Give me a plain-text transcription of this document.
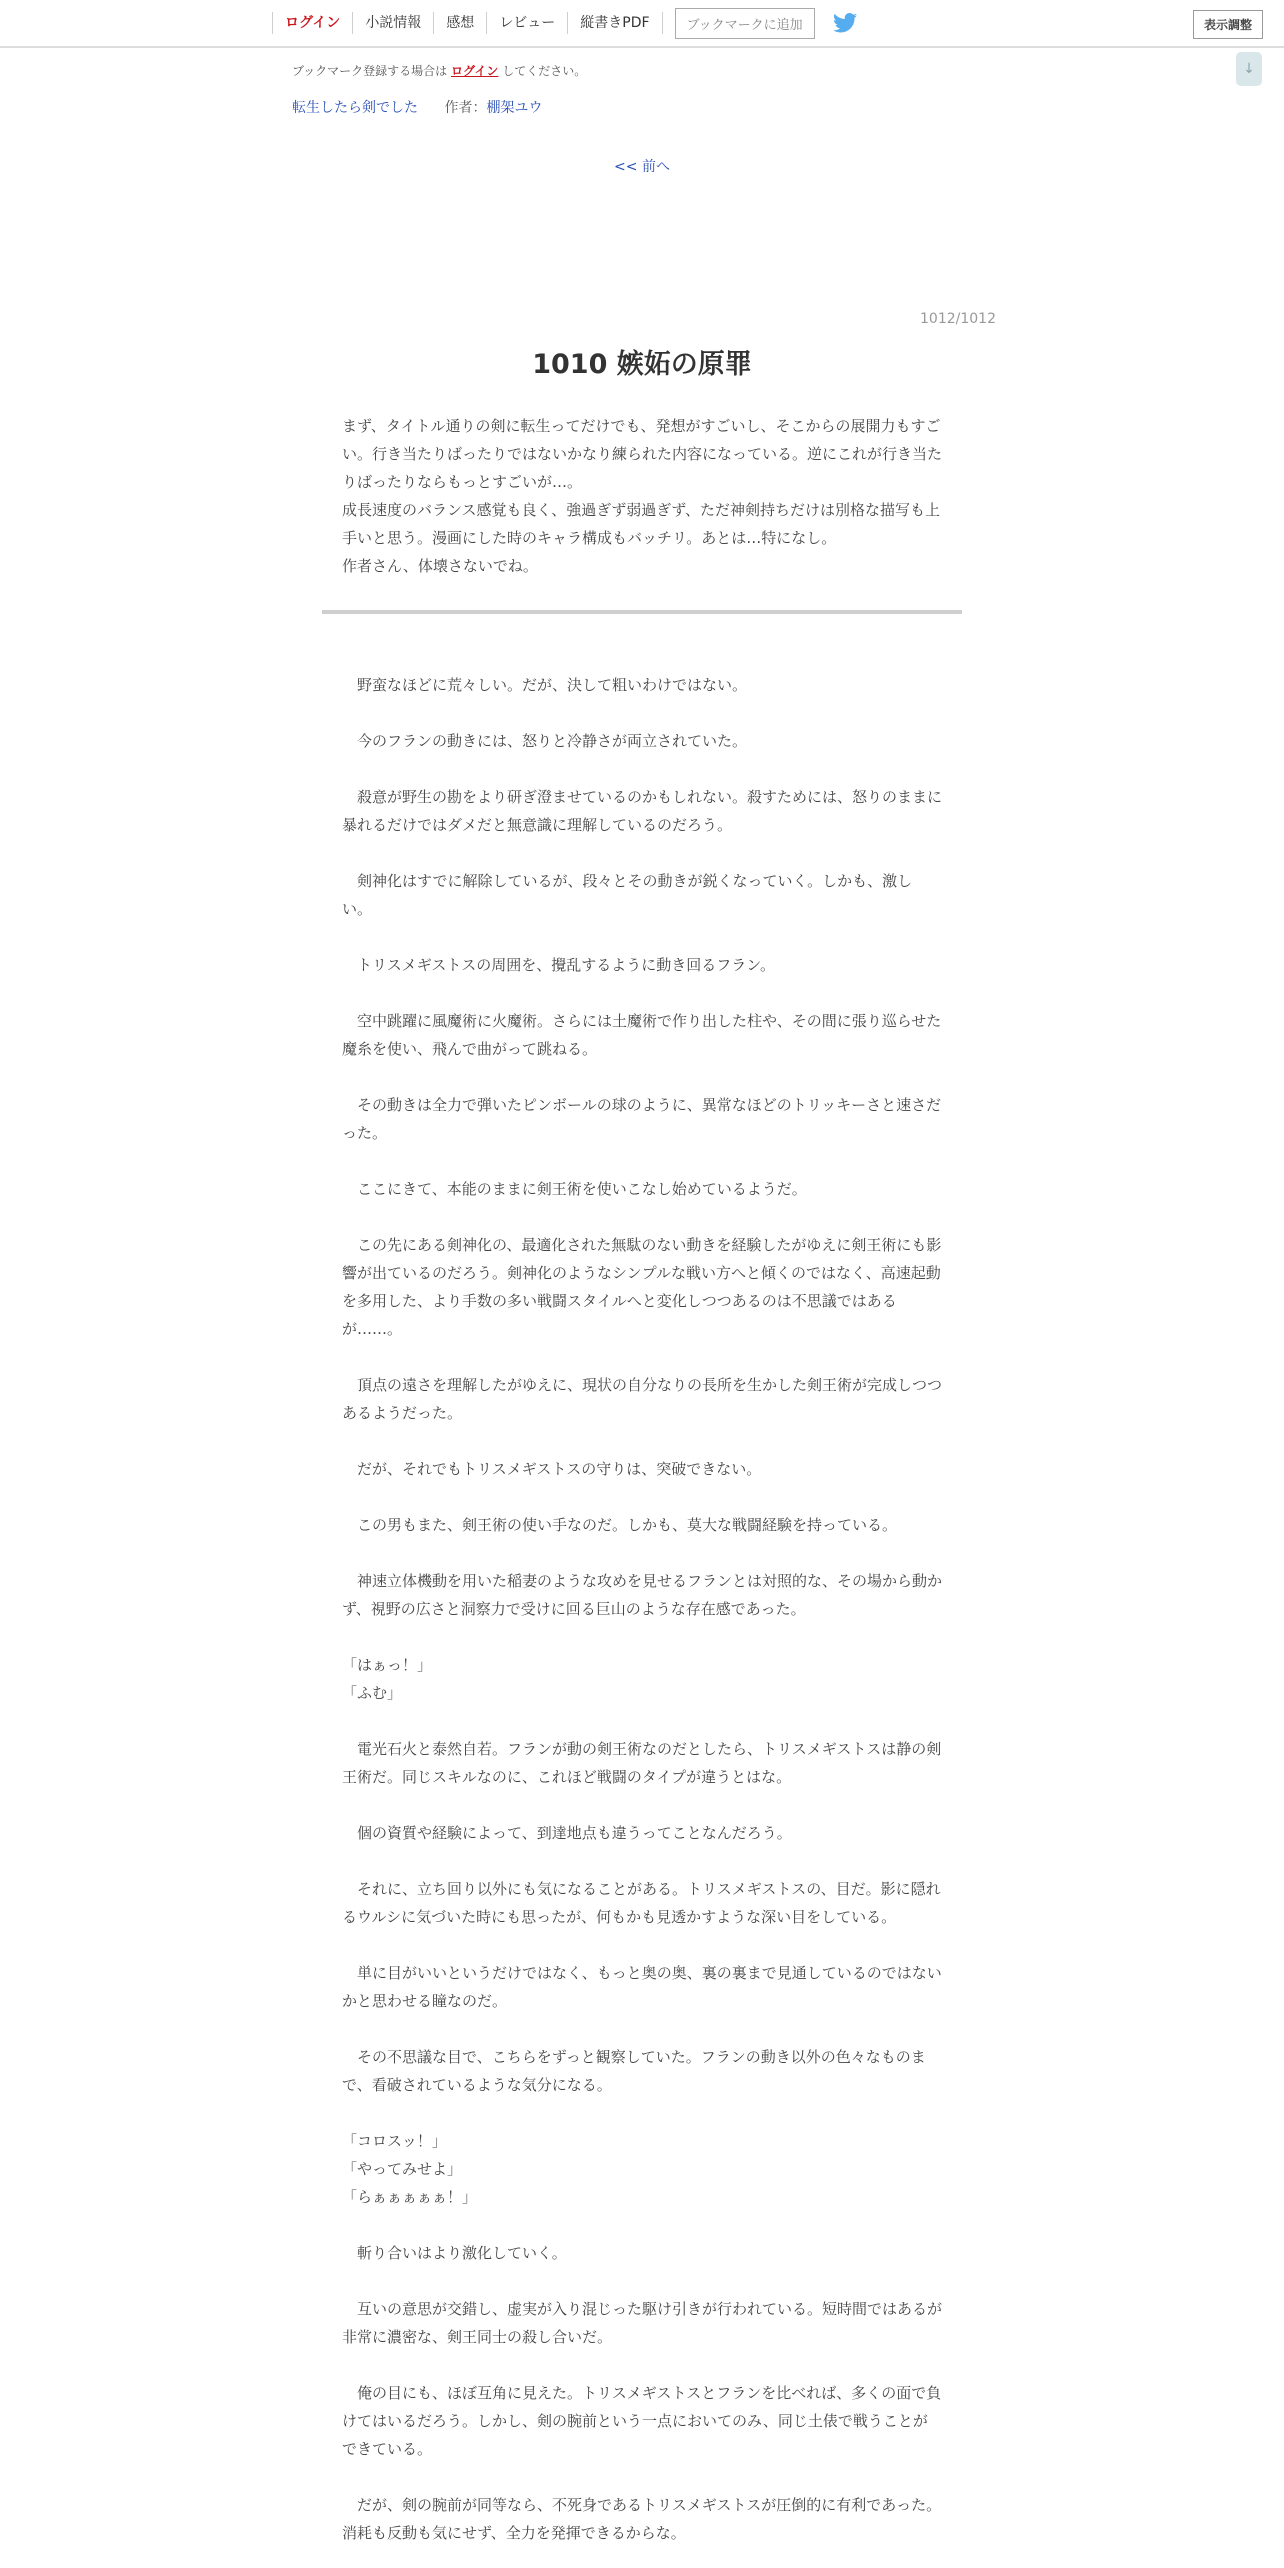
ログイン	小説情報	感想	レビュー	縦書きPDF	ブックマークに追加	表示調整
↓
ブックマーク登録する場合は ログイン してください。
転生したら剣でした 作者：棚架ユウ
<< 前へ
1012/1012
1010 嫉妬の原罪

まず、タイトル通りの剣に転生ってだけでも、発想がすごいし、そこからの展開力もすごい。行き当たりばったりではないかなり練られた内容になっている。逆にこれが行き当たりばったりならもっとすごいが…。

成長速度のバランス感覚も良く、強過ぎず弱過ぎず、ただ神剣持ちだけは別格な描写も上手いと思う。漫画にした時のキャラ構成もバッチリ。あとは…特になし。

作者さん、体壊さないでね。

　野蛮なほどに荒々しい。だが、決して粗いわけではない。

　今のフランの動きには、怒りと冷静さが両立されていた。

　殺意が野生の勘をより研ぎ澄ませているのかもしれない。殺すためには、怒りのままに暴れるだけではダメだと無意識に理解しているのだろう。

　剣神化はすでに解除しているが、段々とその動きが鋭くなっていく。しかも、激しい。

　トリスメギストスの周囲を、攪乱するように動き回るフラン。

　空中跳躍に風魔術に火魔術。さらには土魔術で作り出した柱や、その間に張り巡らせた魔糸を使い、飛んで曲がって跳ねる。

　その動きは全力で弾いたピンボールの球のように、異常なほどのトリッキーさと速さだった。

　ここにきて、本能のままに剣王術を使いこなし始めているようだ。

　この先にある剣神化の、最適化された無駄のない動きを経験したがゆえに剣王術にも影響が出ているのだろう。剣神化のようなシンプルな戦い方へと傾くのではなく、高速起動を多用した、より手数の多い戦闘スタイルへと変化しつつあるのは不思議ではあるが……。

　頂点の遠さを理解したがゆえに、現状の自分なりの長所を生かした剣王術が完成しつつあるようだった。

　だが、それでもトリスメギストスの守りは、突破できない。

　この男もまた、剣王術の使い手なのだ。しかも、莫大な戦闘経験を持っている。

　神速立体機動を用いた稲妻のような攻めを見せるフランとは対照的な、その場から動かず、視野の広さと洞察力で受けに回る巨山のような存在感であった。

「はぁっ！」

「ふむ」

　電光石火と泰然自若。フランが動の剣王術なのだとしたら、トリスメギストスは静の剣王術だ。同じスキルなのに、これほど戦闘のタイプが違うとはな。

　個の資質や経験によって、到達地点も違うってことなんだろう。

　それに、立ち回り以外にも気になることがある。トリスメギストスの、目だ。影に隠れるウルシに気づいた時にも思ったが、何もかも見透かすような深い目をしている。

　単に目がいいというだけではなく、もっと奥の奥、裏の裏まで見通しているのではないかと思わせる瞳なのだ。

　その不思議な目で、こちらをずっと観察していた。フランの動き以外の色々なものまで、看破されているような気分になる。

「コロスッ！」

「やってみせよ」

「らぁぁぁぁぁ！」

　斬り合いはより激化していく。

　互いの意思が交錯し、虚実が入り混じった駆け引きが行われている。短時間ではあるが非常に濃密な、剣王同士の殺し合いだ。

　俺の目にも、ほぼ互角に見えた。トリスメギストスとフランを比べれば、多くの面で負けてはいるだろう。しかし、剣の腕前という一点においてのみ、同じ土俵で戦うことができている。

　だが、剣の腕前が同等なら、不死身であるトリスメギストスが圧倒的に有利であった。消耗も反動も気にせず、全力を発揮できるからな。
